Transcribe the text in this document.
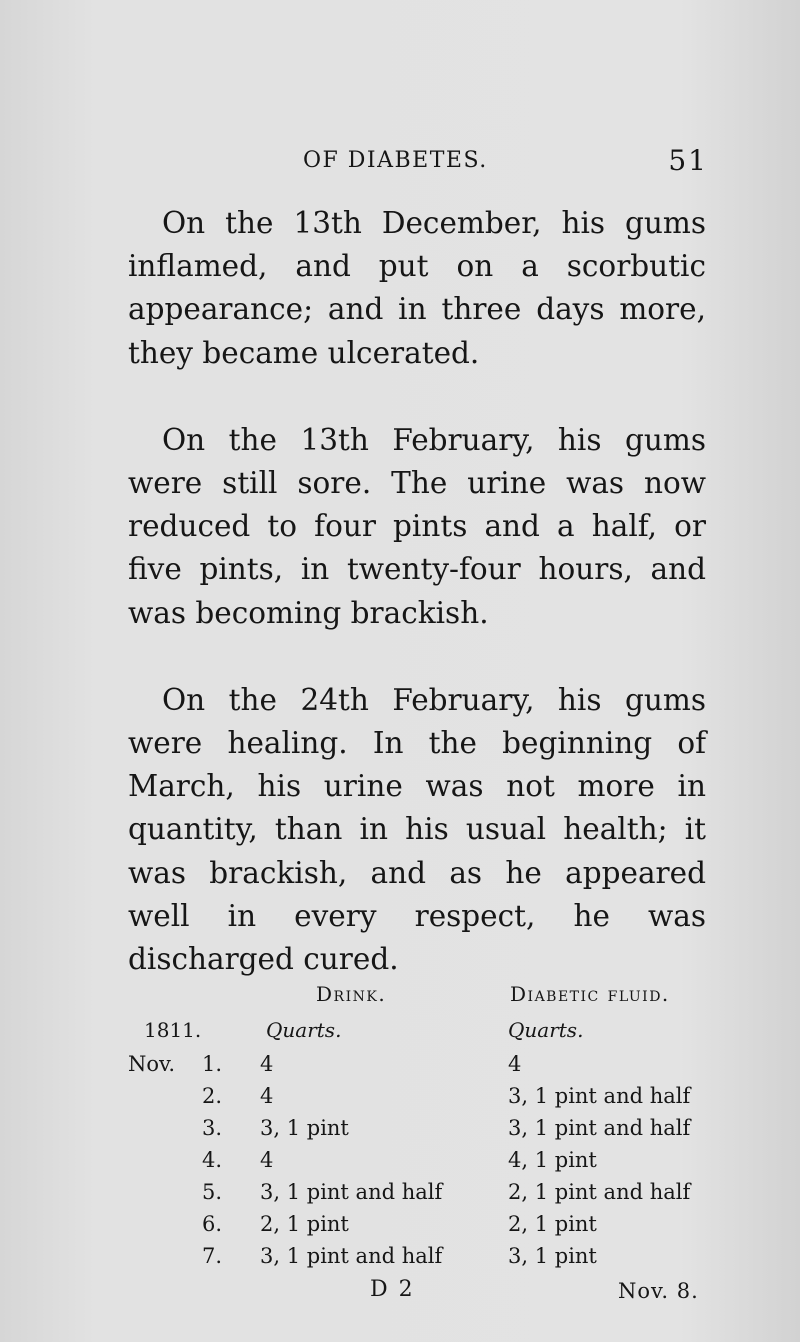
OF DIABETES.	51

On the 13th December, his gums inflamed, and put on a scorbutic appearance; and in three days more, they became ulcerated.

On the 13th February, his gums were still sore. The urine was now reduced to four pints and a half, or five pints, in twenty-four hours, and was becoming brackish.

On the 24th February, his gums were healing. In the beginning of March, his urine was not more in quantity, than in his usual health; it was brackish, and as he appeared well in every respect, he was discharged cured.

Drink.	Diabetic fluid.
1811.	Quarts.	Quarts.
Nov. 1. 4	4
2. 4	3, 1 pint and half
3. 3, 1 pint	3, 1 pint and half
4. 4	4, 1 pint
5. 3, 1 pint and half	2, 1 pint and half
6. 2, 1 pint	2, 1 pint
7. 3, 1 pint and half	3, 1 pint
D 2	Nov. 8.
